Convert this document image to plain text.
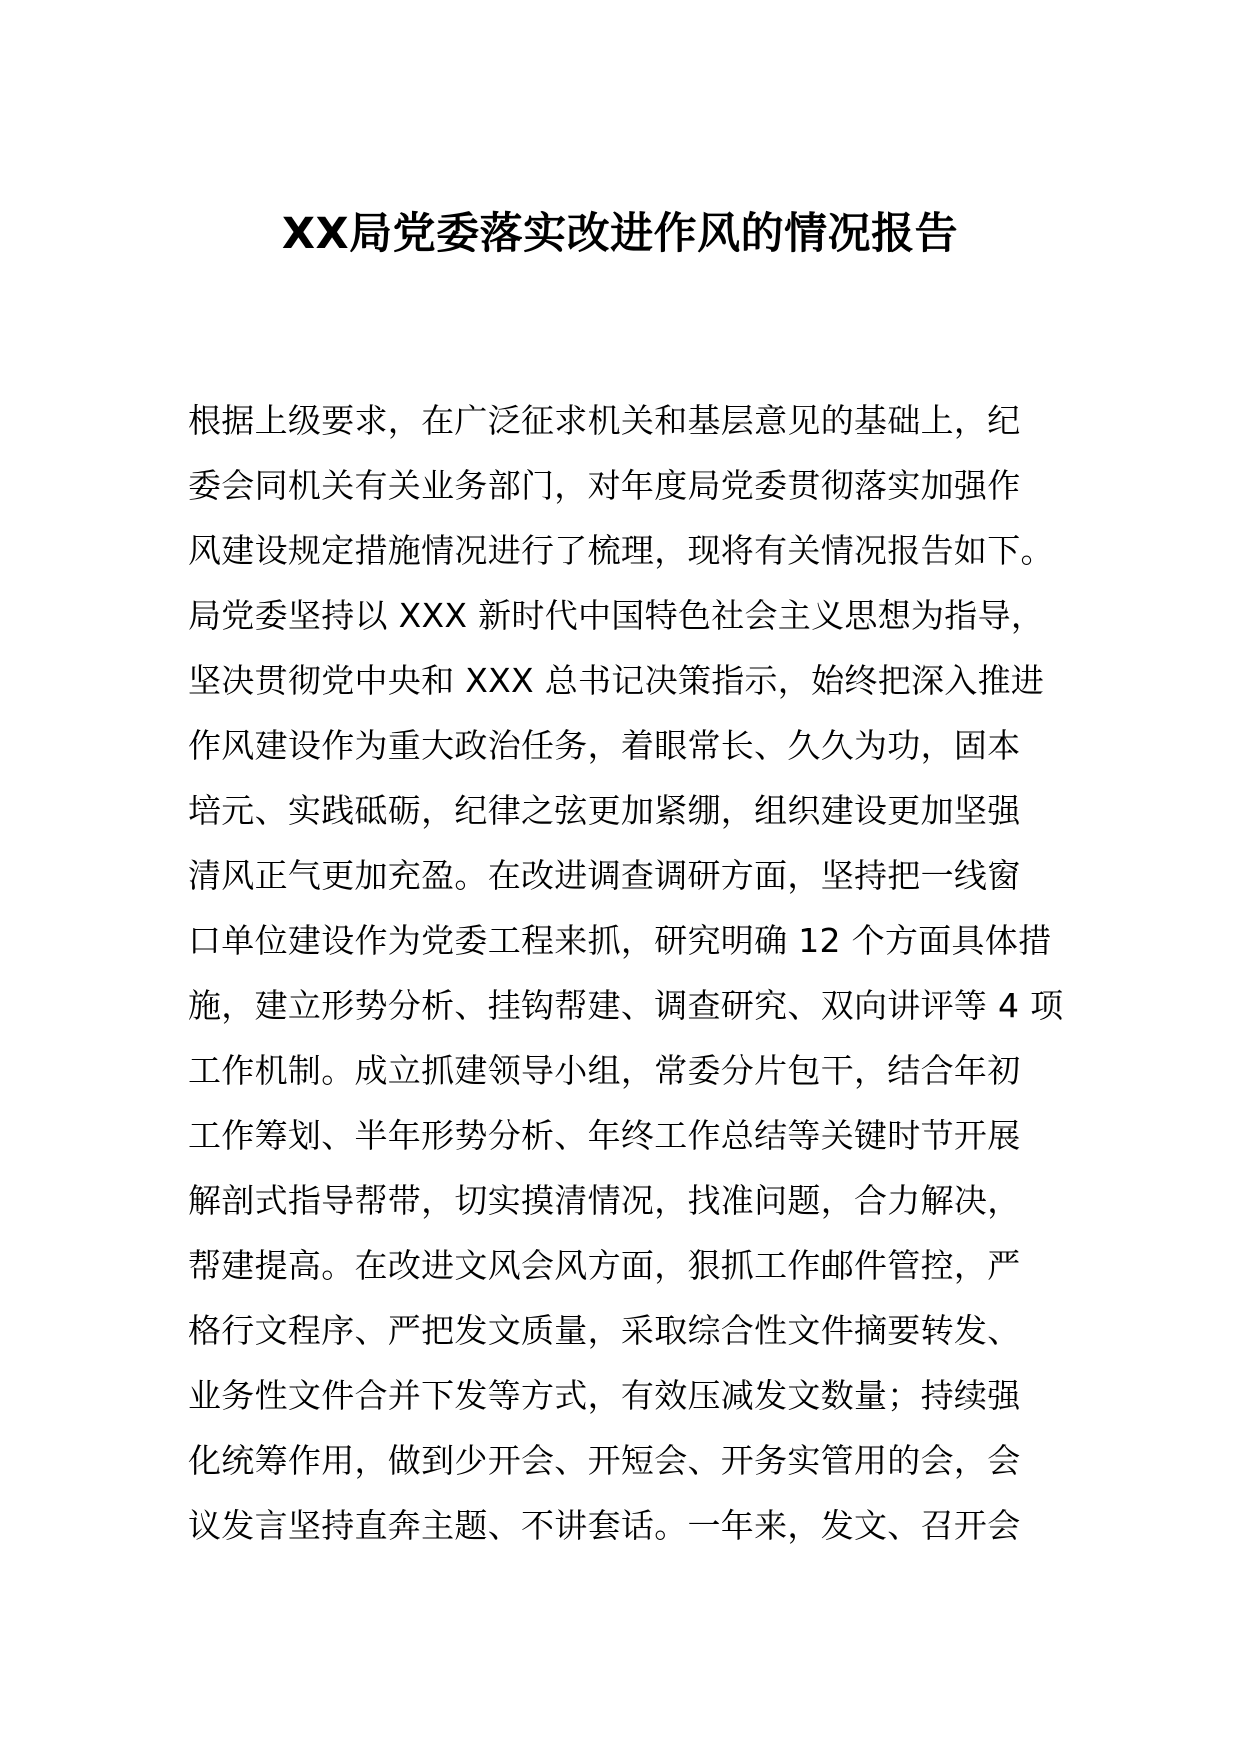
XX局党委落实改进作风的情况报告
根据上级要求，在广泛征求机关和基层意见的基础上，纪
委会同机关有关业务部门，对年度局党委贯彻落实加强作
风建设规定措施情况进行了梳理，现将有关情况报告如下。
局党委坚持以 XXX 新时代中国特色社会主义思想为指导，
坚决贯彻党中央和 XXX 总书记决策指示，始终把深入推进
作风建设作为重大政治任务，着眼常长、久久为功，固本
培元、实践砥砺，纪律之弦更加紧绷，组织建设更加坚强
清风正气更加充盈。在改进调查调研方面，坚持把一线窗
口单位建设作为党委工程来抓，研究明确 12 个方面具体措
施，建立形势分析、挂钩帮建、调查研究、双向讲评等 4 项
工作机制。成立抓建领导小组，常委分片包干，结合年初
工作筹划、半年形势分析、年终工作总结等关键时节开展
解剖式指导帮带，切实摸清情况，找准问题，合力解决，
帮建提高。在改进文风会风方面，狠抓工作邮件管控，严
格行文程序、严把发文质量，采取综合性文件摘要转发、
业务性文件合并下发等方式，有效压减发文数量；持续强
化统筹作用，做到少开会、开短会、开务实管用的会，会
议发言坚持直奔主题、不讲套话。一年来，发文、召开会
